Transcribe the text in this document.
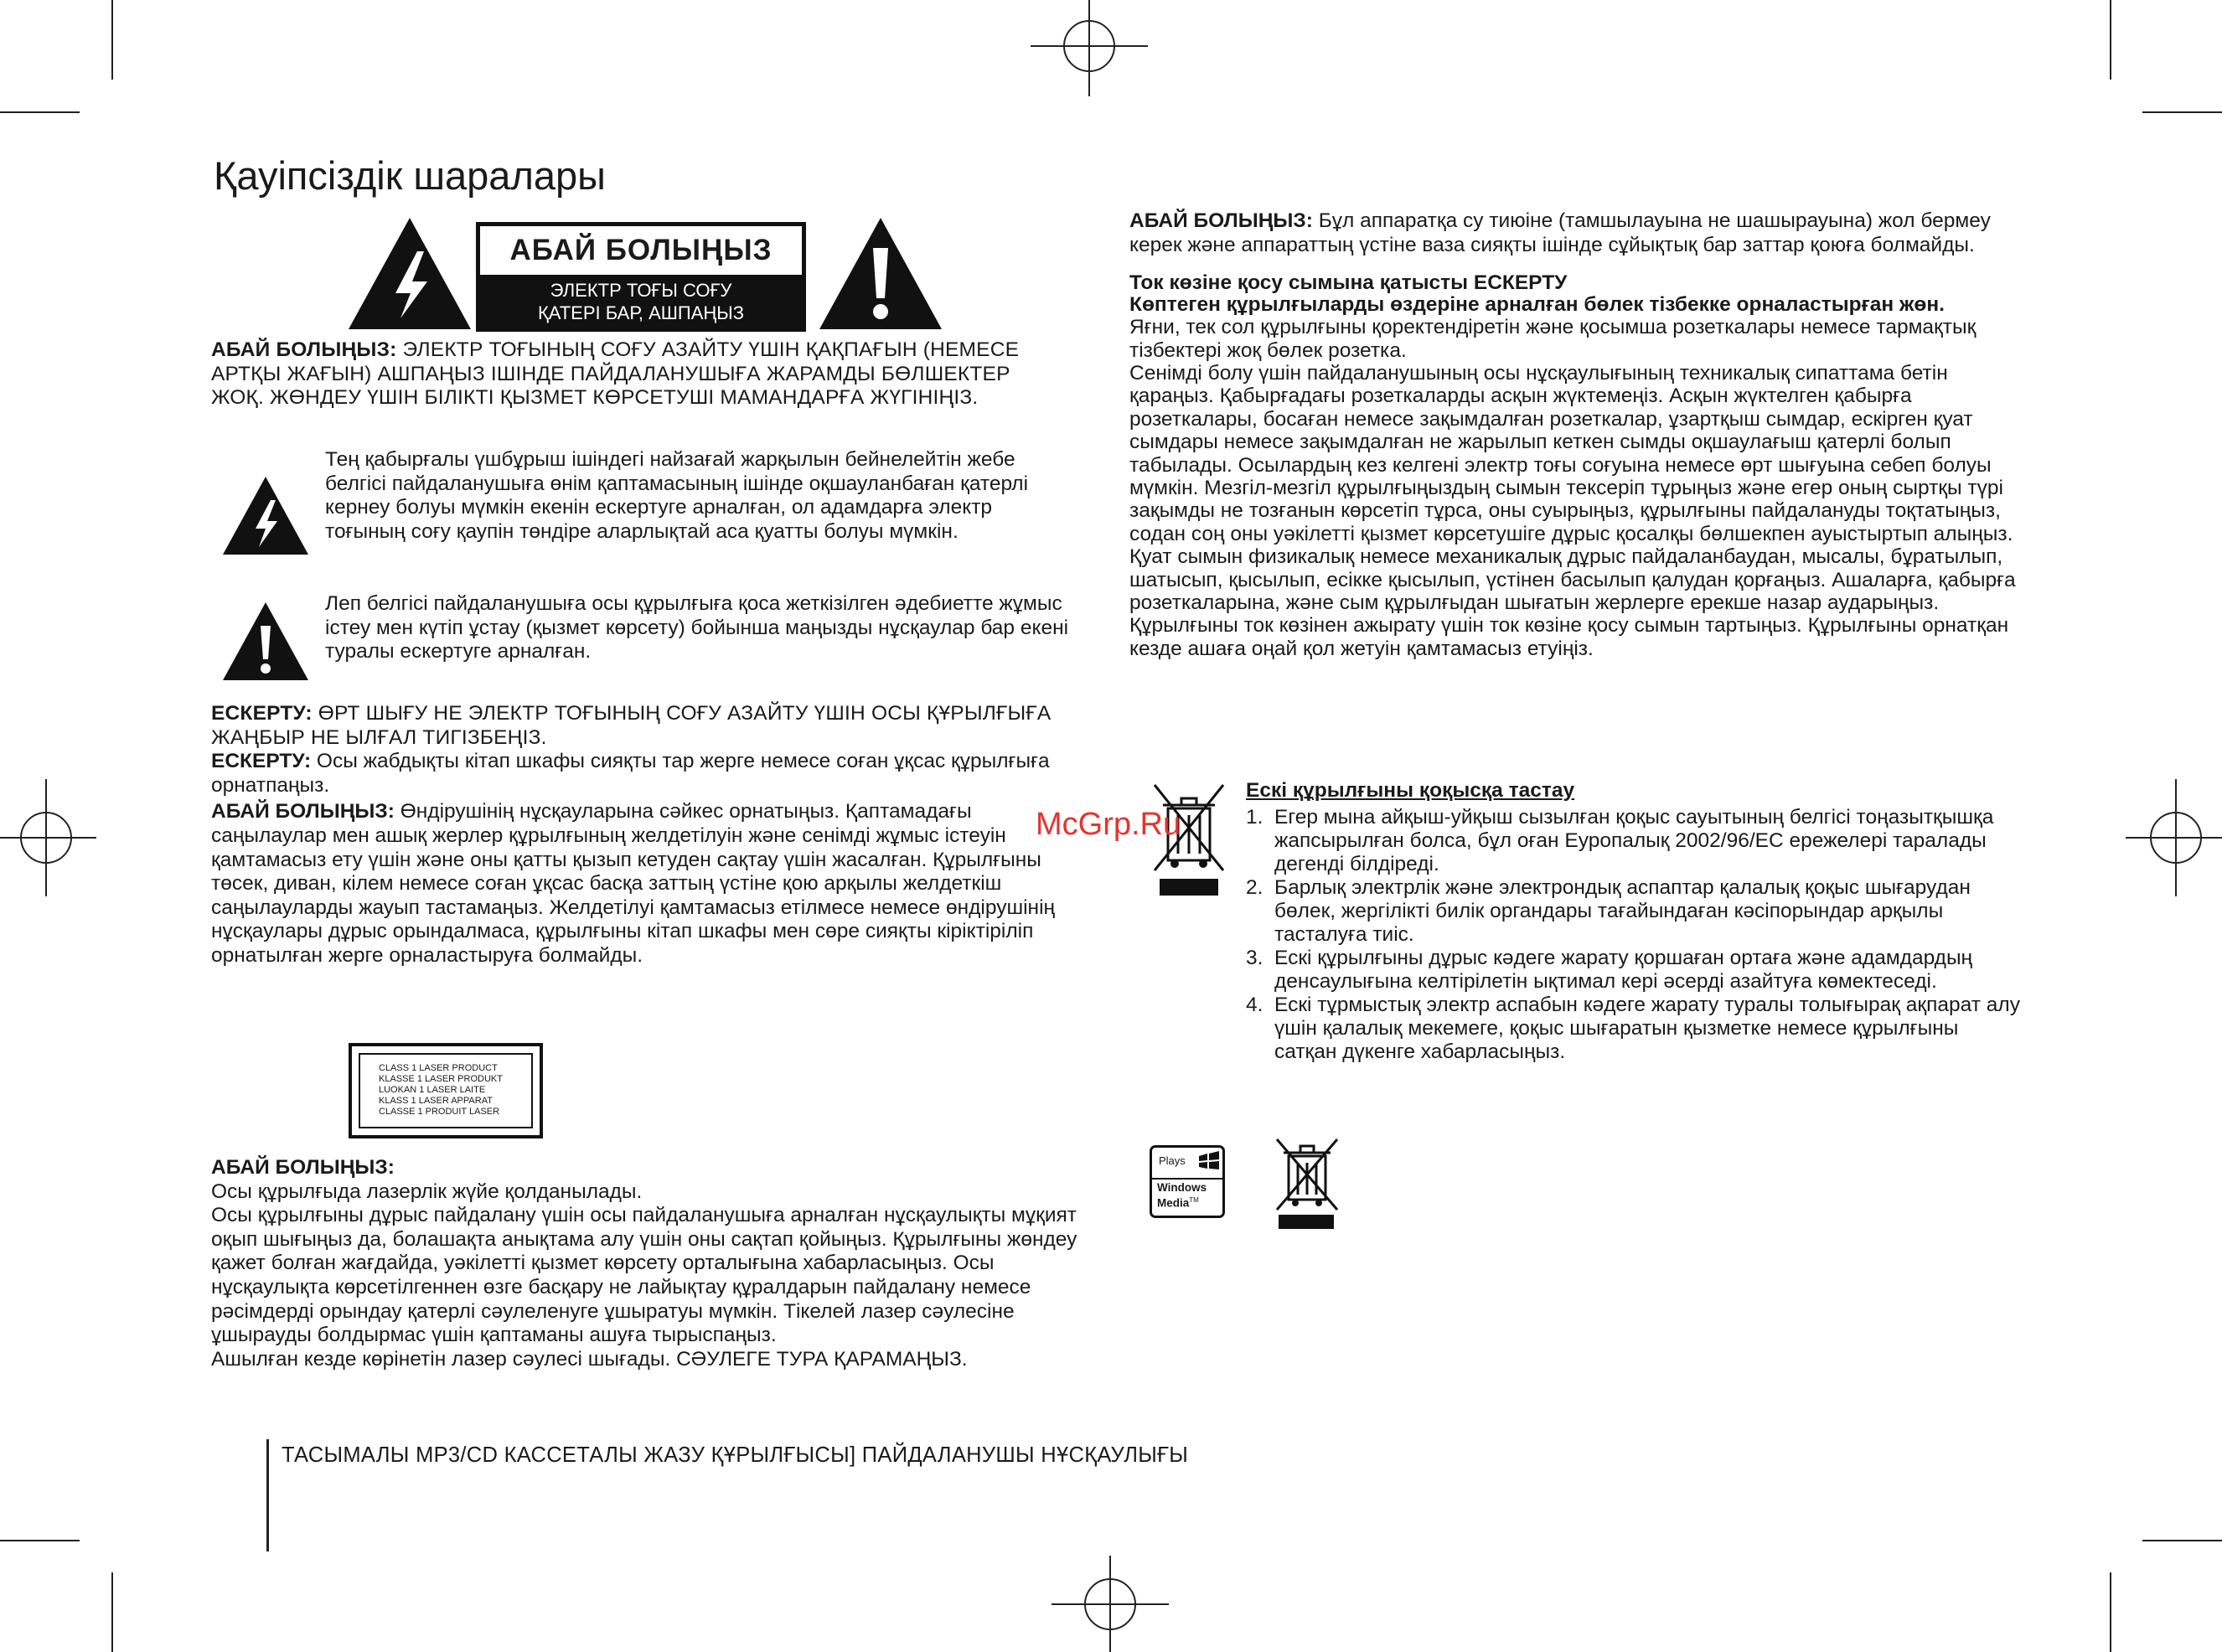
Қауіпсіздік шаралары
АБАЙ БОЛЫҢЫЗ
ЭЛЕКТР ТОҒЫ СОҒУ
ҚАТЕРІ БАР, АШПАҢЫЗ

АБАЙ БОЛЫҢЫЗ: ЭЛЕКТР ТОҒЫНЫҢ СОҒУ АЗАЙТУ ҮШІН ҚАҚПАҒЫН (НЕМЕСЕ АРТҚЫ ЖАҒЫН) АШПАҢЫЗ ІШІНДЕ ПАЙДАЛАНУШЫҒА ЖАРАМДЫ БӨЛШЕКТЕР ЖОҚ. ЖӨНДЕУ ҮШІН БІЛІКТІ ҚЫЗМЕТ КӨРСЕТУШІ МАМАНДАРҒА ЖҮГІНІҢІЗ.

Тең қабырғалы үшбұрыш ішіндегі найзағай жарқылын бейнелейтін жебе белгісі пайдаланушыға өнім қаптамасының ішінде оқшауланбаған қатерлі кернеу болуы мүмкін екенін ескертуге арналған, ол адамдарға электр тоғының соғу қаупін төндіре аларлықтай аса қуатты болуы мүмкін.

Леп белгісі пайдаланушыға осы құрылғыға қоса жеткізілген әдебиетте жұмыс істеу мен күтіп ұстау (қызмет көрсету) бойынша маңызды нұсқаулар бар екені туралы ескертуге арналған.

ЕСКЕРТУ: ӨРТ ШЫҒУ НЕ ЭЛЕКТР ТОҒЫНЫҢ СОҒУ АЗАЙТУ ҮШІН ОСЫ ҚҰРЫЛҒЫҒА ЖАҢБЫР НЕ ЫЛҒАЛ ТИГІЗБЕҢІЗ.

ЕСКЕРТУ: Осы жабдықты кітап шкафы сияқты тар жерге немесе соған ұқсас құрылғыға орнатпаңыз.

АБАЙ БОЛЫҢЫЗ: Өндірушінің нұсқауларына сәйкес орнатыңыз. Қаптамадағы саңылаулар мен ашық жерлер құрылғының желдетілуін және сенімді жұмыс істеуін қамтамасыз ету үшін және оны қатты қызып кетуден сақтау үшін жасалған. Құрылғыны төсек, диван, кілем немесе соған ұқсас басқа заттың үстіне қою арқылы желдеткіш саңылауларды жауып тастамаңыз. Желдетілуі қамтамасыз етілмесе немесе өндірушінің нұсқаулары дұрыс орындалмаса, құрылғыны кітап шкафы мен сөре сияқты кіріктіріліп орнатылған жерге орналастыруға болмайды.

CLASS 1 LASER PRODUCT
KLASSE 1 LASER PRODUKT
LUOKAN 1 LASER LAITE
KLASS 1 LASER APPARAT
CLASSE 1 PRODUIT LASER

АБАЙ БОЛЫҢЫЗ:

Осы құрылғыда лазерлік жүйе қолданылады.
Осы құрылғыны дұрыс пайдалану үшін осы пайдаланушыға арналған нұсқаулықты мұқият оқып шығыңыз да, болашақта анықтама алу үшін оны сақтап қойыңыз. Құрылғыны жөндеу қажет болған жағдайда, уәкілетті қызмет көрсету орталығына хабарласыңыз. Осы нұсқаулықта көрсетілгеннен өзге басқару не лайықтау құралдарын пайдалану немесе рәсімдерді орындау қатерлі сәулеленуге ұшыратуы мүмкін. Тікелей лазер сәулесіне ұшырауды болдырмас үшін қаптаманы ашуға тырыспаңыз.
Ашылған кезде көрінетін лазер сәулесі шығады. СӘУЛЕГЕ ТУРА ҚАРАМАҢЫЗ.

АБАЙ БОЛЫҢЫЗ: Бұл аппаратқа су тиюіне (тамшылауына не шашырауына) жол бермеу керек және аппараттың үстіне ваза сияқты ішінде сұйықтық бар заттар қоюға болмайды.

Ток көзіне қосу сымына қатысты ЕСКЕРТУ
Көптеген құрылғыларды өздеріне арналған бөлек тізбекке орналастырған жөн.

Яғни, тек сол құрылғыны қоректендіретін және қосымша розеткалары немесе тармақтық тізбектері жоқ бөлек розетка.
Сенімді болу үшін пайдаланушының осы нұсқаулығының техникалық сипаттама бетін қараңыз. Қабырғадағы розеткаларды асқын жүктемеңіз. Асқын жүктелген қабырға розеткалары, босаған немесе зақымдалған розеткалар, ұзартқыш сымдар, ескірген қуат сымдары немесе зақымдалған не жарылып кеткен сымды оқшаулағыш қатерлі болып табылады. Осылардың кез келгені электр тоғы соғуына немесе өрт шығуына себеп болуы мүмкін. Мезгіл-мезгіл құрылғыңыздың сымын тексеріп тұрыңыз және егер оның сыртқы түрі зақымды не тозғанын көрсетіп тұрса, оны суырыңыз, құрылғыны пайдалануды тоқтатыңыз, содан соң оны уәкілетті қызмет көрсетушіге дұрыс қосалқы бөлшекпен ауыстыртып алыңыз.
Қуат сымын физикалық немесе механикалық дұрыс пайдаланбаудан, мысалы, бұратылып, шатысып, қысылып, есікке қысылып, үстінен басылып қалудан қорғаңыз. Ашаларға, қабырға розеткаларына, және сым құрылғыдан шығатын жерлерге ерекше назар аударыңыз.
Құрылғыны ток көзінен ажырату үшін ток көзіне қосу сымын тартыңыз. Құрылғыны орнатқан кезде ашаға оңай қол жетуін қамтамасыз етуіңіз.

Ескі құрылғыны қоқысқа тастау

1. Егер мына айқыш-уйқыш сызылған қоқыс сауытының белгісі тоңазытқышқа жапсырылған болса, бұл оған Еуропалық 2002/96/EC ережелері таралады дегенді білдіреді.
2. Барлық электрлік және электрондық аспаптар қалалық қоқыс шығарудан бөлек, жергілікті билік органдары тағайындаған кәсіпорындар арқылы тасталуға тиіс.
3. Ескі құрылғыны дұрыс кәдеге жарату қоршаған ортаға және адамдардың денсаулығына келтірілетін ықтимал кері әсерді азайтуға көмектеседі.
4. Ескі тұрмыстық электр аспабын кәдеге жарату туралы толығырақ ақпарат алу үшін қалалық мекемеге, қоқыс шығаратын қызметке немесе құрылғыны сатқан дүкенге хабарласыңыз.
Plays
Windows
Media™
McGrp.Ru
ТАСЫМАЛЫ MP3/CD КАССЕТАЛЫ ЖАЗУ ҚҰРЫЛҒЫСЫ] ПАЙДАЛАНУШЫ НҰСҚАУЛЫҒЫ
